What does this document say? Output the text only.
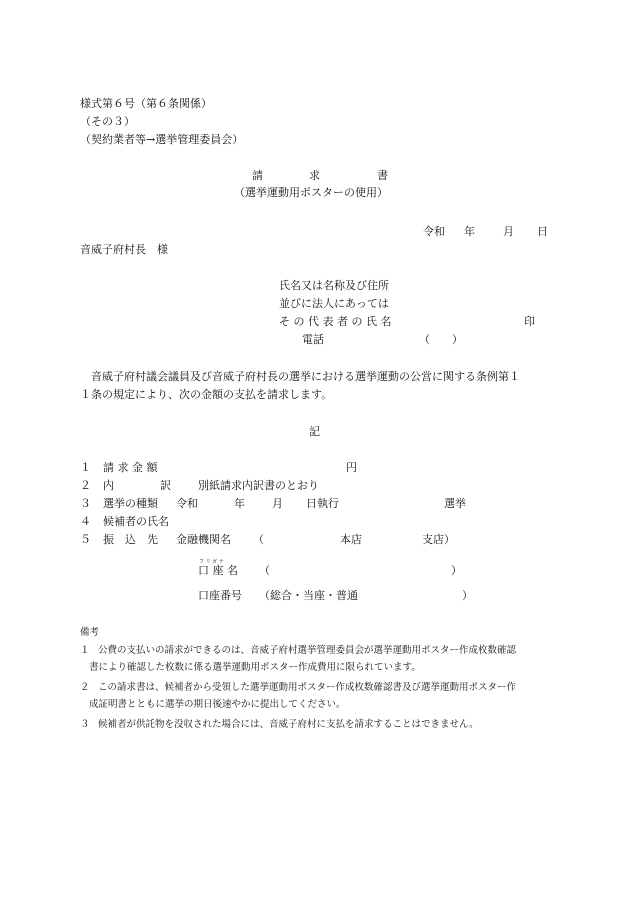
様式第６号（第６条関係）
（その３）
（契約業者等→選挙管理委員会）
請	求	書
（選挙運動用ポスターの使用）
令和 年	月 日
音威子府村長　様
氏名又は名称及び住所
並びに法人にあっては
そ の 代 表 者 の 氏 名	印
電話	（　　）
音威子府村議会議員及び音威子府村長の選挙における選挙運動の公営に関する条例第１
１条の規定により、次の金額の支払を請求します。
記
１ 請 求 金 額	円
２ 内	訳 別紙請求内訳書のとおり
３ 選挙の種類 令和	年 月 日執行	選挙
４ 候補者の氏名
５ 振　込　先 金融機関名 （	本店	支店）
フ リ ガ ナ
口 座 名 （	）
口座番号 （総合・当座・普通	）
備考
１ 公費の支払いの請求ができるのは、音威子府村選挙管理委員会が選挙運動用ポスター作成枚数確認
書により確認した枚数に係る選挙運動用ポスター作成費用に限られています。
２ この請求書は、候補者から受領した選挙運動用ポスター作成枚数確認書及び選挙運動用ポスター作
成証明書とともに選挙の期日後速やかに提出してください。
３ 候補者が供託物を没収された場合には、音威子府村に支払を請求することはできません。
